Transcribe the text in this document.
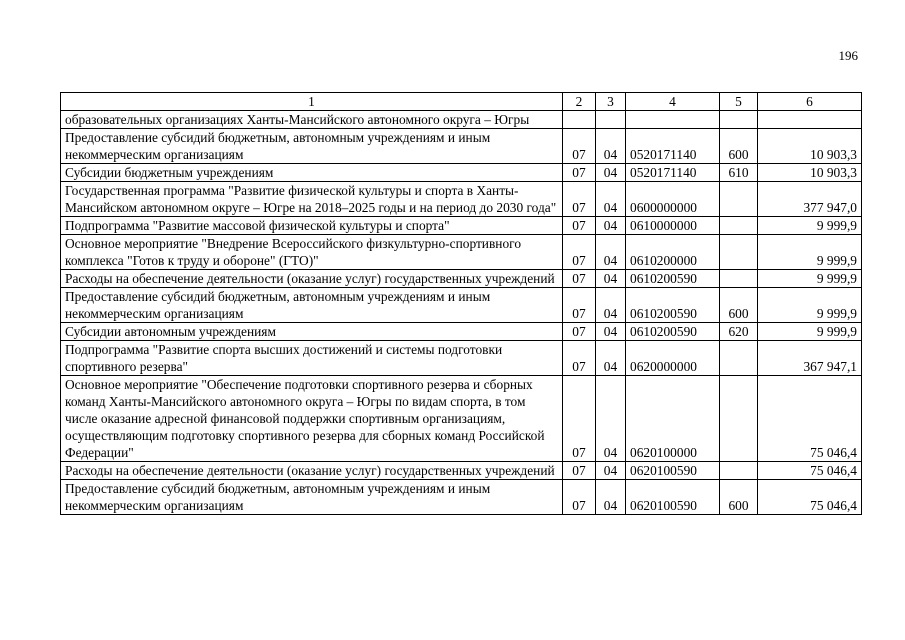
196
1	2	3	4	5	6
образовательных организациях Ханты-Мансийского автономного округа – Югры					
Предоставление субсидий бюджетным, автономным учреждениям и иным некоммерческим организациям	07	04	0520171140	600	10 903,3
Субсидии бюджетным учреждениям	07	04	0520171140	610	10 903,3
Государственная программа "Развитие физической культуры и спорта в Ханты-Мансийском автономном округе – Югре на 2018–2025 годы и на период до 2030 года"	07	04	0600000000		377 947,0
Подпрограмма "Развитие массовой физической культуры и спорта"	07	04	0610000000		9 999,9
Основное мероприятие "Внедрение Всероссийского физкультурно-спортивного комплекса "Готов к труду и обороне" (ГТО)"	07	04	0610200000		9 999,9
Расходы на обеспечение деятельности (оказание услуг) государственных учреждений	07	04	0610200590		9 999,9
Предоставление субсидий бюджетным, автономным учреждениям и иным некоммерческим организациям	07	04	0610200590	600	9 999,9
Субсидии автономным учреждениям	07	04	0610200590	620	9 999,9
Подпрограмма "Развитие спорта высших достижений и системы подготовки спортивного резерва"	07	04	0620000000		367 947,1
Основное мероприятие "Обеспечение подготовки спортивного резерва и сборных команд Ханты-Мансийского автономного округа – Югры по видам спорта, в том числе оказание адресной финансовой поддержки спортивным организациям, осуществляющим подготовку спортивного резерва для сборных команд Российской Федерации"	07	04	0620100000		75 046,4
Расходы на обеспечение деятельности (оказание услуг) государственных учреждений	07	04	0620100590		75 046,4
Предоставление субсидий бюджетным, автономным учреждениям и иным некоммерческим организациям	07	04	0620100590	600	75 046,4
